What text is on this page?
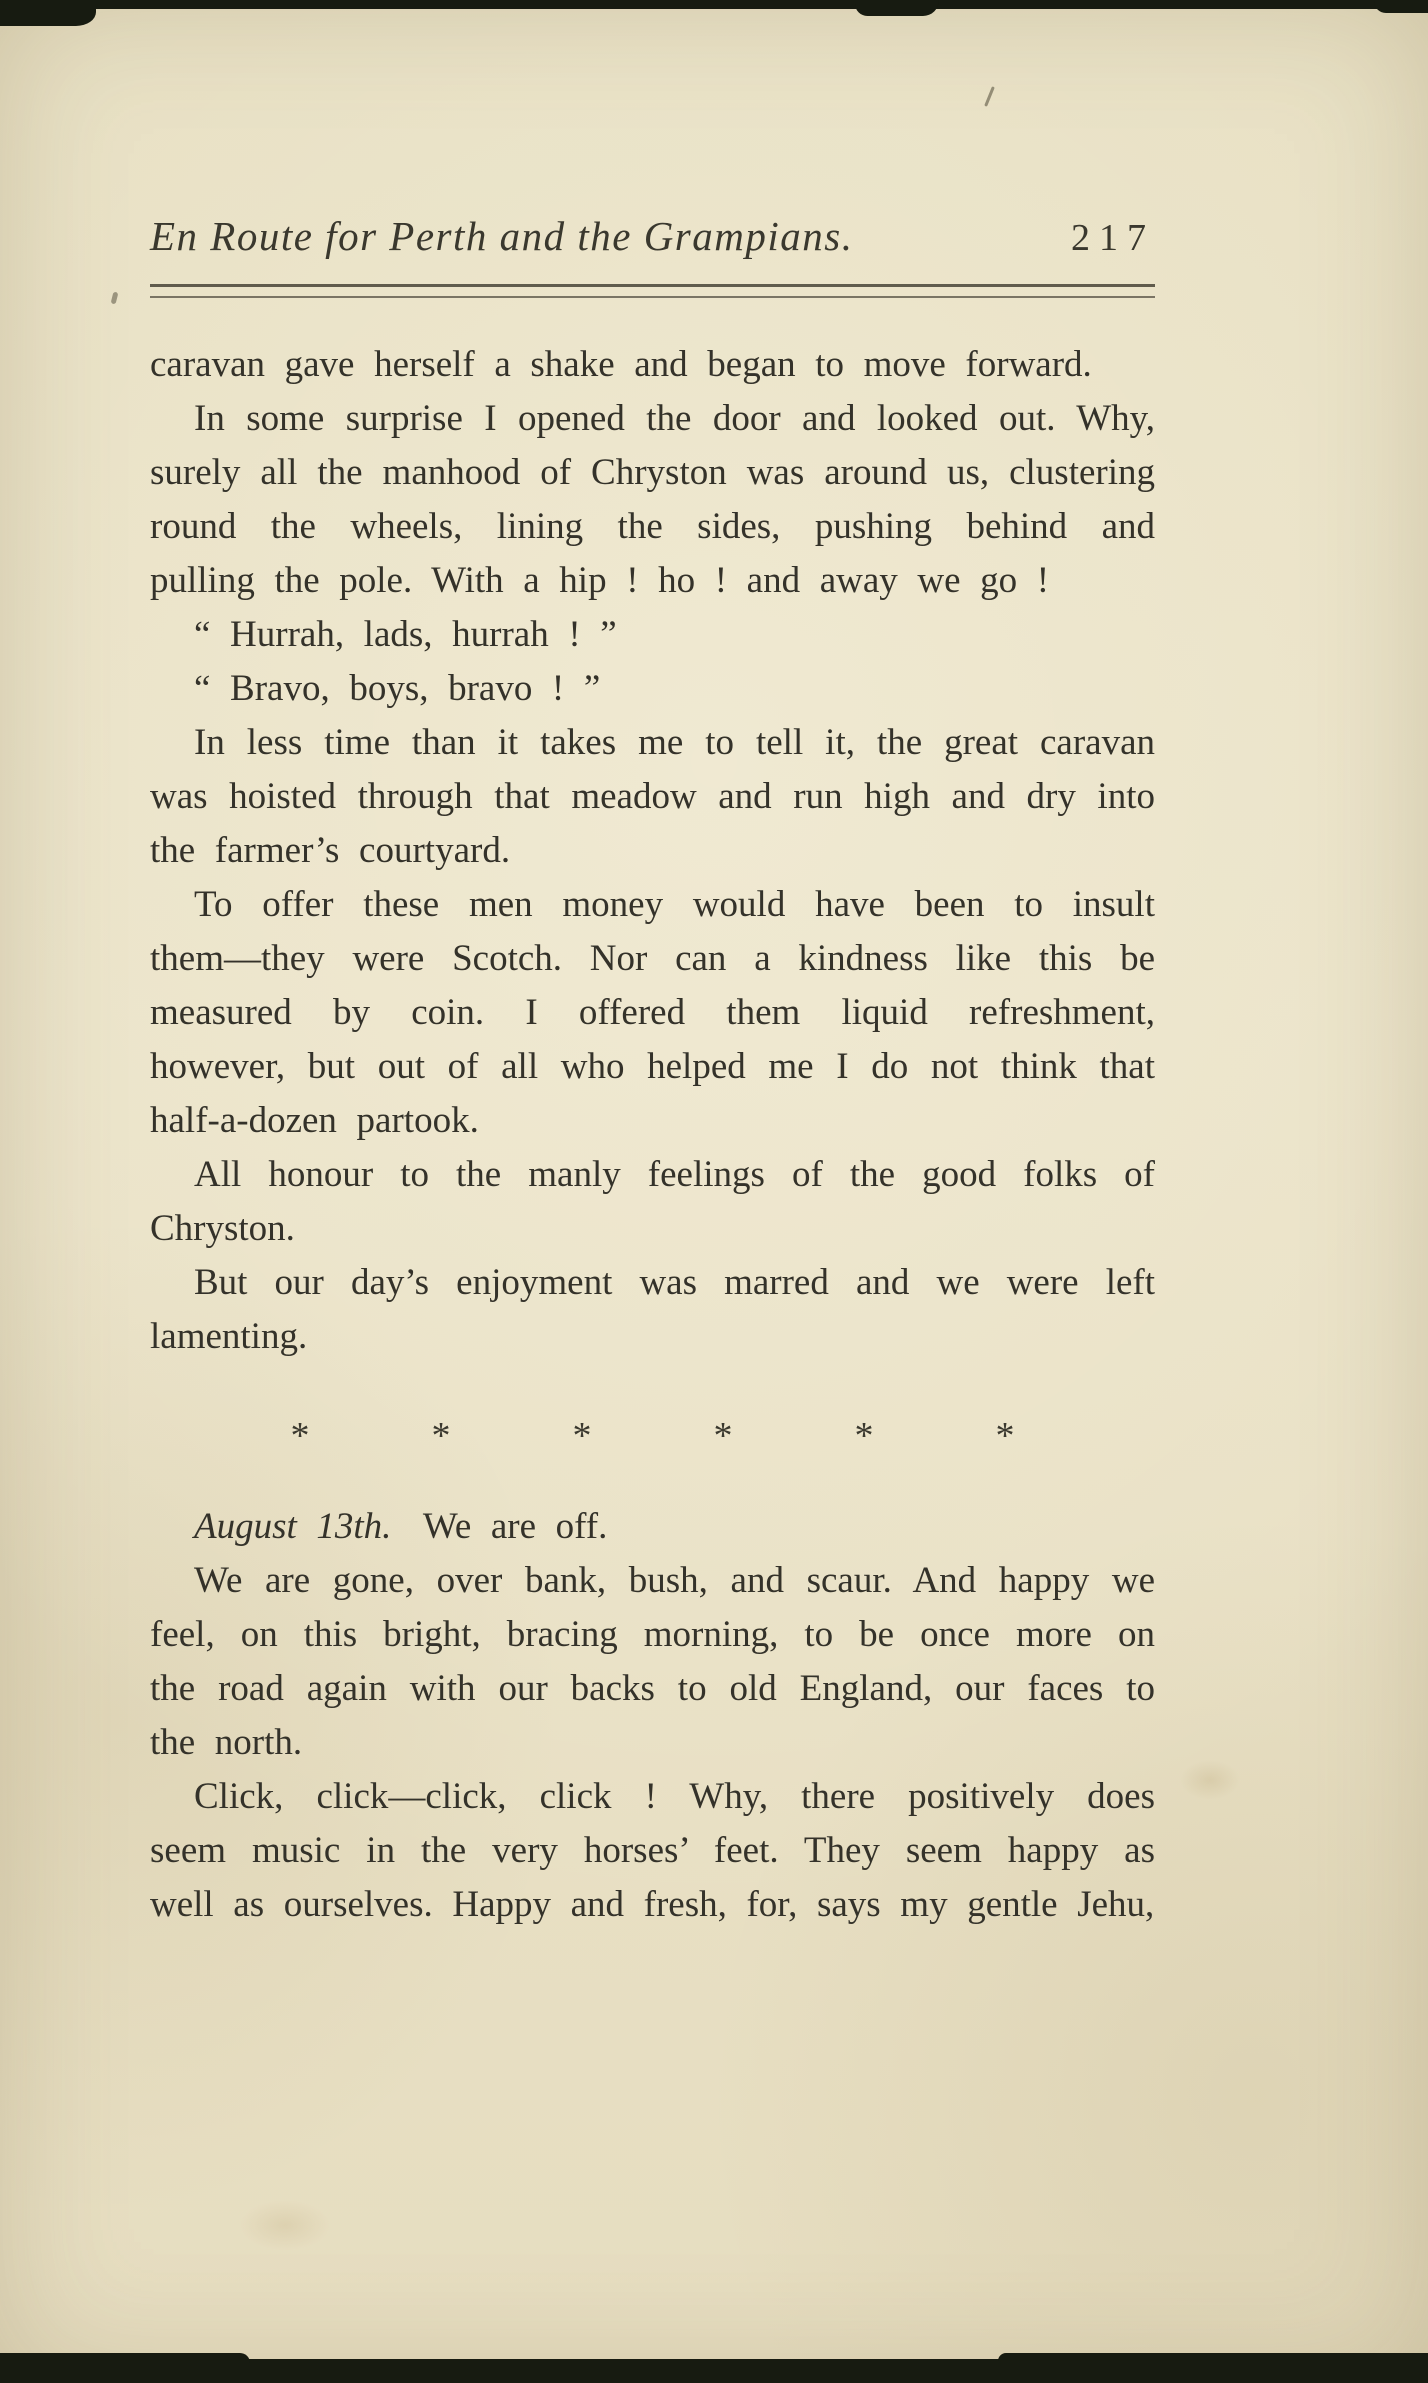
En Route for Perth and the Grampians.	217

caravan gave herself a shake and began to move forward.

In some surprise I opened the door and looked out. Why, surely all the manhood of Chryston was around us, clustering round the wheels, lining the sides, pushing behind and pulling the pole. With a hip ! ho ! and away we go !

“ Hurrah, lads, hurrah ! ”

“ Bravo, boys, bravo ! ”

In less time than it takes me to tell it, the great caravan was hoisted through that meadow and run high and dry into the farmer’s courtyard.

To offer these men money would have been to insult them—they were Scotch. Nor can a kindness like this be measured by coin. I offered them liquid refreshment, however, but out of all who helped me I do not think that half-a-dozen partook.

All honour to the manly feelings of the good folks of Chryston.

But our day’s enjoyment was marred and we were left lamenting.

*	*	*	*	*	*

August 13th. We are off.

We are gone, over bank, bush, and scaur. And happy we feel, on this bright, bracing morning, to be once more on the road again with our backs to old England, our faces to the north.

Click, click—click, click ! Why, there positively does seem music in the very horses’ feet. They seem happy as well as ourselves. Happy and fresh, for, says my gentle Jehu,
